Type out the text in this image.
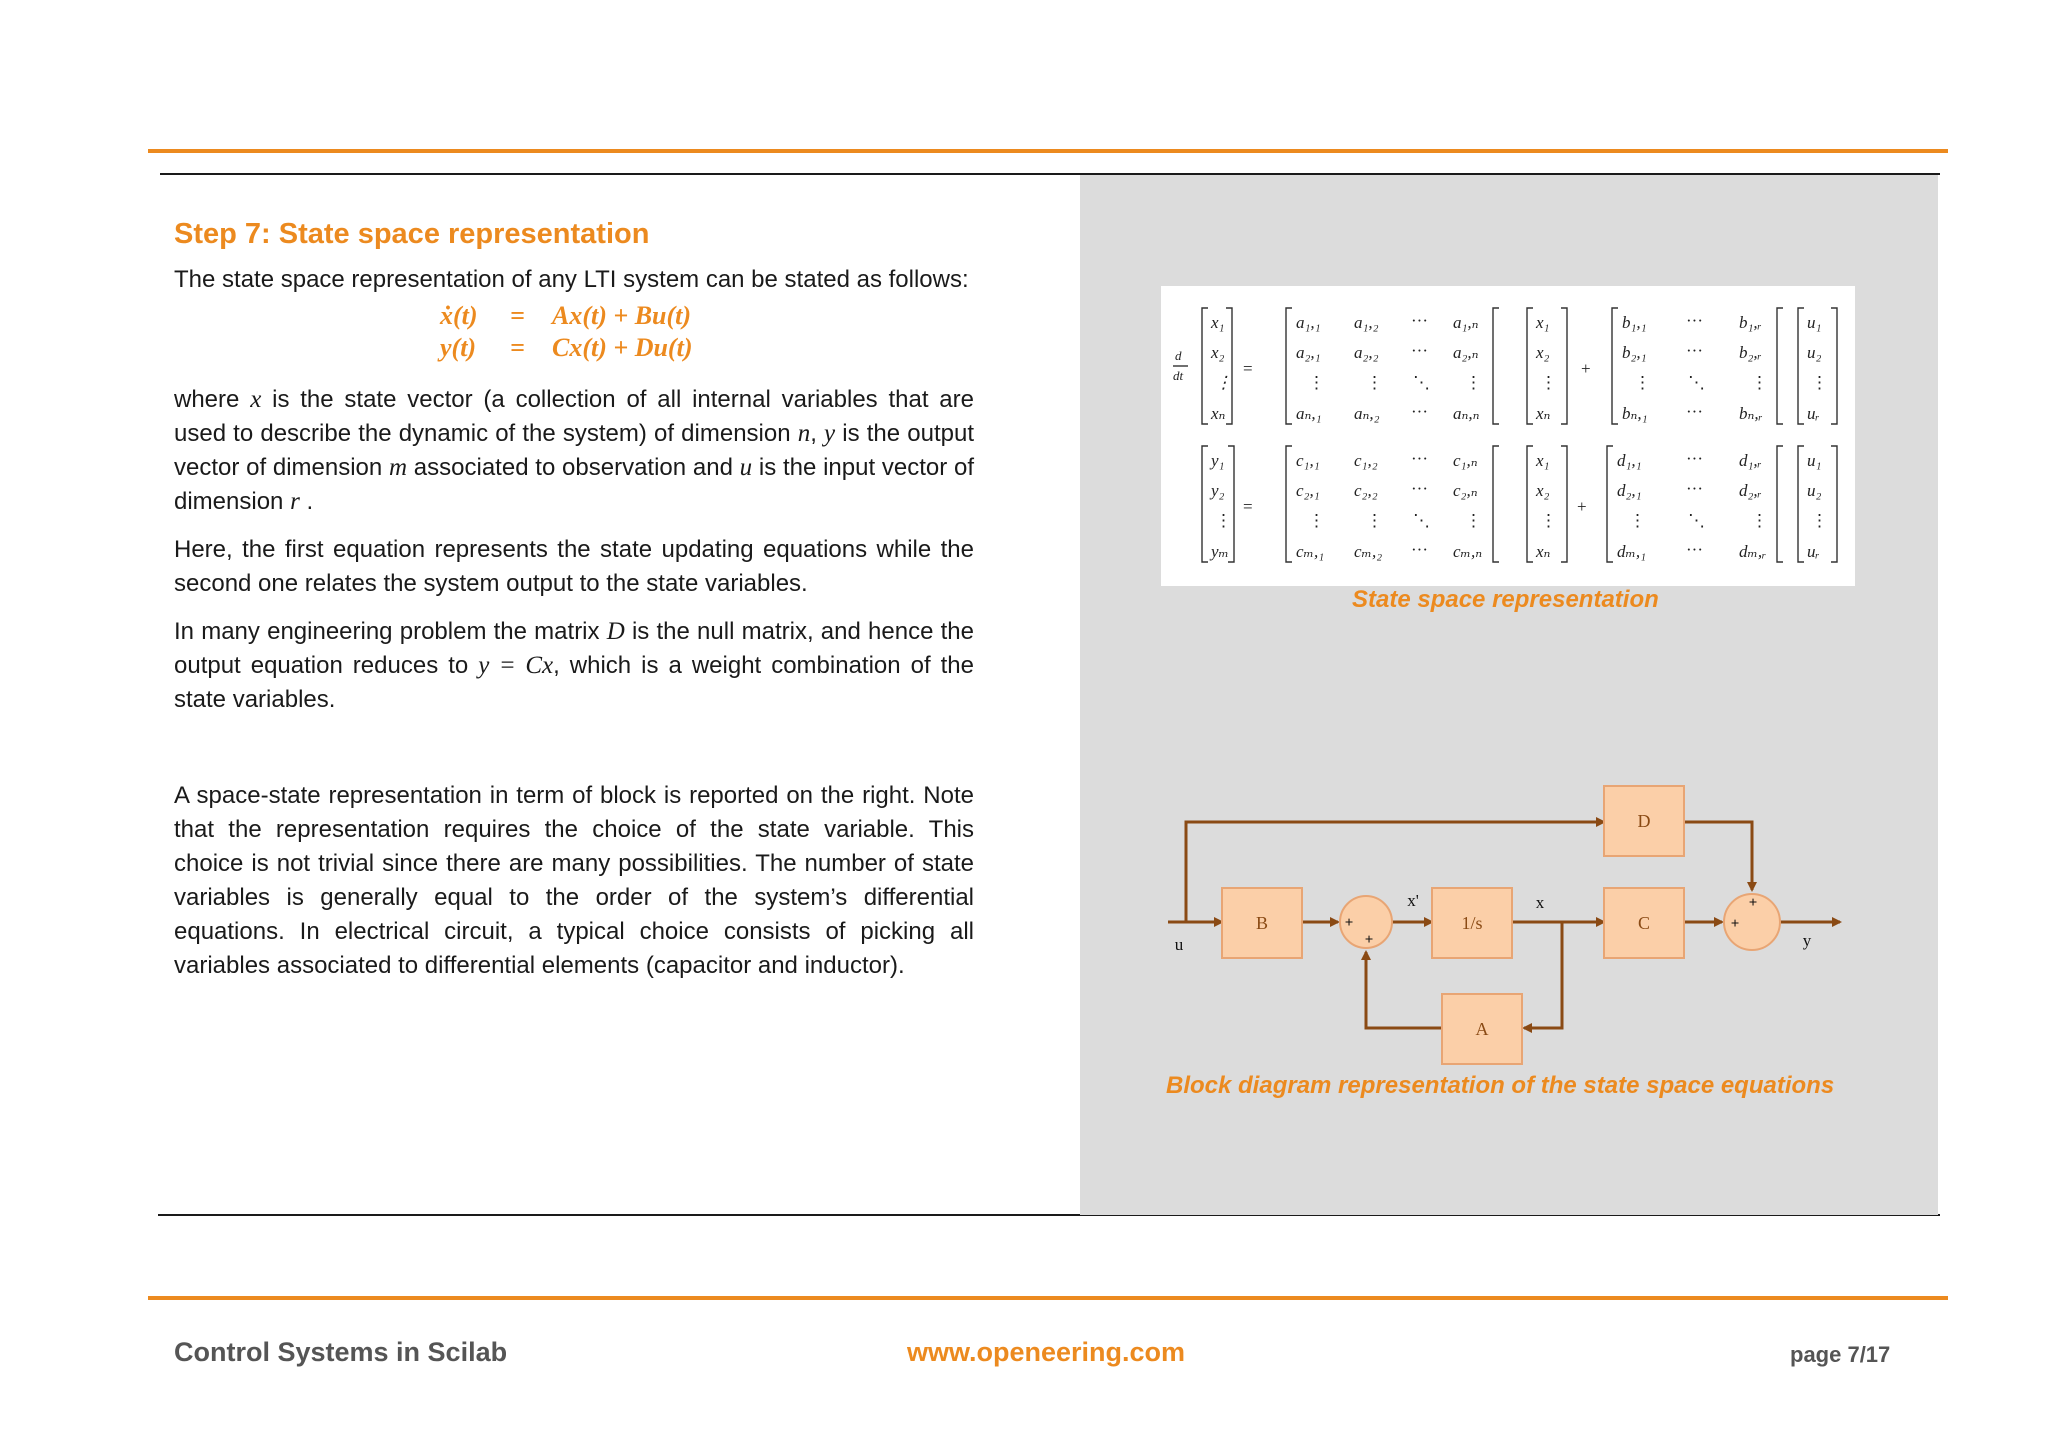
Step 7: State space representation

The state space representation of any LTI system can be stated as follows:

ẋ(t) = Ax(t) + Bu(t)
y(t) = Cx(t) + Du(t)

where x is the state vector (a collection of all internal variables that are used to describe the dynamic of the system) of dimension n, y is the output vector of dimension m associated to observation and u is the input vector of dimension r .

Here, the first equation represents the state updating equations while the second one relates the system output to the state variables.

In many engineering problem the matrix D is the null matrix, and hence the output equation reduces to y = Cx, which is a weight combination of the state variables.

A space-state representation in term of block is reported on the right. Note that the representation requires the choice of the state variable. This choice is not trivial since there are many possibilities. The number of state variables is generally equal to the order of the system’s differential equations. In electrical circuit, a typical choice consists of picking all variables associated to differential elements (capacitor and inductor).

d
dt
x₁
x₂
⋮
xₙ
=
a₁,₁ a₁,₂ ··· a₁,ₙ
a₂,₁ a₂,₂ ··· a₂,ₙ
⋮ ⋮ ⋱ ⋮
aₙ,₁ aₙ,₂ ··· aₙ,ₙ
x₁
x₂
⋮
xₙ
+
b₁,₁ ··· b₁,ᵣ
b₂,₁ ··· b₂,ᵣ
⋮ ⋱	⋮
bₙ,₁ ··· bₙ,ᵣ
u₁
u₂
⋮
uᵣ
y₁
y₂
⋮
yₘ
=
c₁,₁ c₁,₂ ··· c₁,ₙ
c₂,₁ c₂,₂ ··· c₂,ₙ
⋮ ⋮ ⋱ ⋮
cₘ,₁ cₘ,₂ ··· cₘ,ₙ
x₁
x₂
⋮
xₙ
+
d₁,₁	··· d₁,ᵣ
d₂,₁	··· d₂,ᵣ
⋮ ⋱	⋮
dₘ,₁ ··· dₘ,ᵣ
u₁
u₂
⋮
uᵣ
State space representation
B	1/s	C
D
A
u
x'	x
y
+
+
+
+
Block diagram representation of the state space equations
Control Systems in Scilab	www.openeering.com	page 7/17
